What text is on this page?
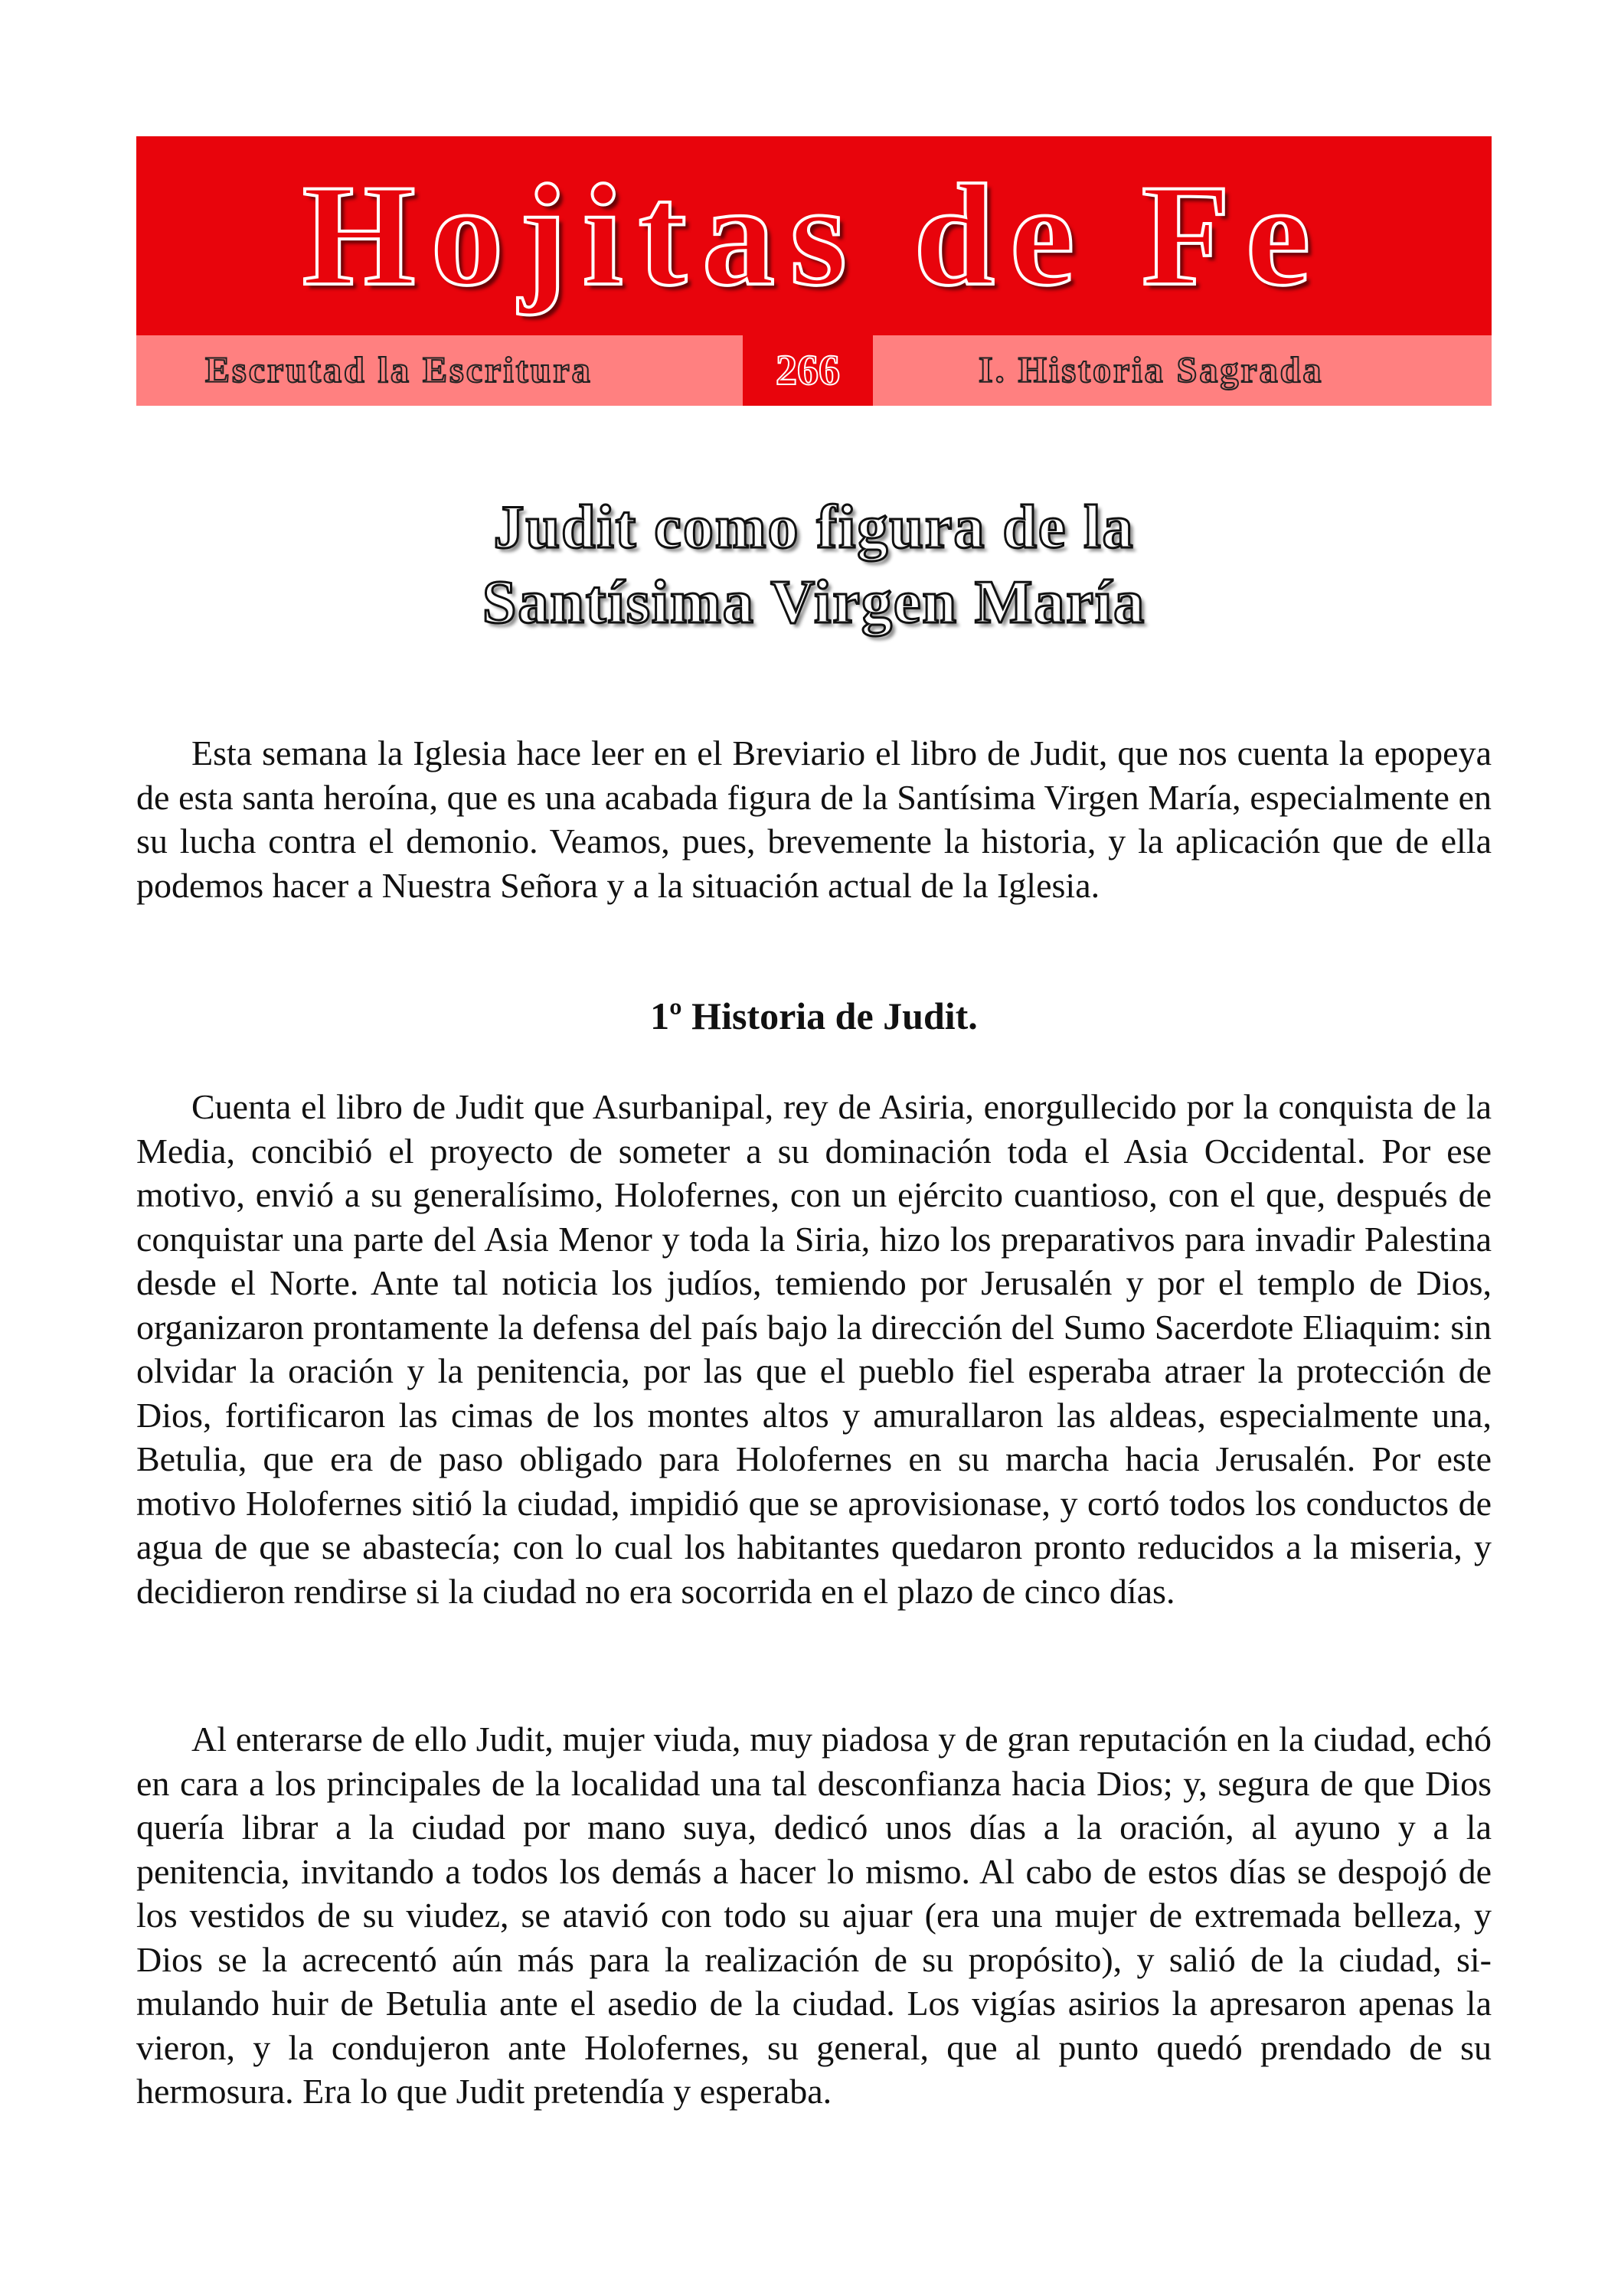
Hojitas de Fe
Escrutad la Escritura	266	I. Historia Sagrada
Judit como figura de la
Santísima Virgen María

Esta semana la Iglesia hace leer en el Breviario el libro de Judit, que nos cuenta la epopeya de esta santa heroína, que es una acabada figura de la Santísima Virgen María, especialmente en su lucha contra el demonio. Veamos, pues, brevemente la historia, y la aplicación que de ella podemos hacer a Nuestra Señora y a la situación actual de la Iglesia.

1º Historia de Judit.

Cuenta el libro de Judit que Asurbanipal, rey de Asiria, enorgullecido por la conquista de la Media, concibió el proyecto de someter a su dominación toda el Asia Occidental. Por ese motivo, envió a su generalísimo, Holofernes, con un ejército cuantioso, con el que, después de conquistar una parte del Asia Menor y toda la Siria, hizo los preparativos para invadir Palestina desde el Norte. Ante tal noticia los judíos, temiendo por Jerusalén y por el templo de Dios, organizaron prontamente la defensa del país bajo la dirección del Sumo Sacerdote Eliaquim: sin olvidar la oración y la penitencia, por las que el pueblo fiel esperaba atraer la protección de Dios, fortificaron las cimas de los montes altos y amurallaron las aldeas, especialmente una, Betulia, que era de paso obligado para Holofernes en su marcha hacia Jerusalén. Por este motivo Holofernes sitió la ciudad, impidió que se aprovisionase, y cortó todos los conductos de agua de que se abastecía; con lo cual los habitantes quedaron pronto reducidos a la miseria, y decidieron rendirse si la ciudad no era socorrida en el plazo de cinco días.

Al enterarse de ello Judit, mujer viuda, muy piadosa y de gran reputación en la ciudad, echó en cara a los principales de la localidad una tal desconfianza hacia Dios; y, segura de que Dios quería librar a la ciudad por mano suya, dedicó unos días a la oración, al ayuno y a la penitencia, invitando a todos los demás a hacer lo mismo. Al cabo de estos días se despojó de los vestidos de su viudez, se atavió con todo su ajuar (era una mujer de extremada belleza, y Dios se la acrecentó aún más para la realización de su propósito), y salió de la ciudad, simulando huir de Betulia ante el asedio de la ciudad. Los vigías asirios la apresaron apenas la vieron, y la condujeron ante Holofernes, su general, que al punto quedó prendado de su hermosura. Era lo que Judit pretendía y esperaba.
